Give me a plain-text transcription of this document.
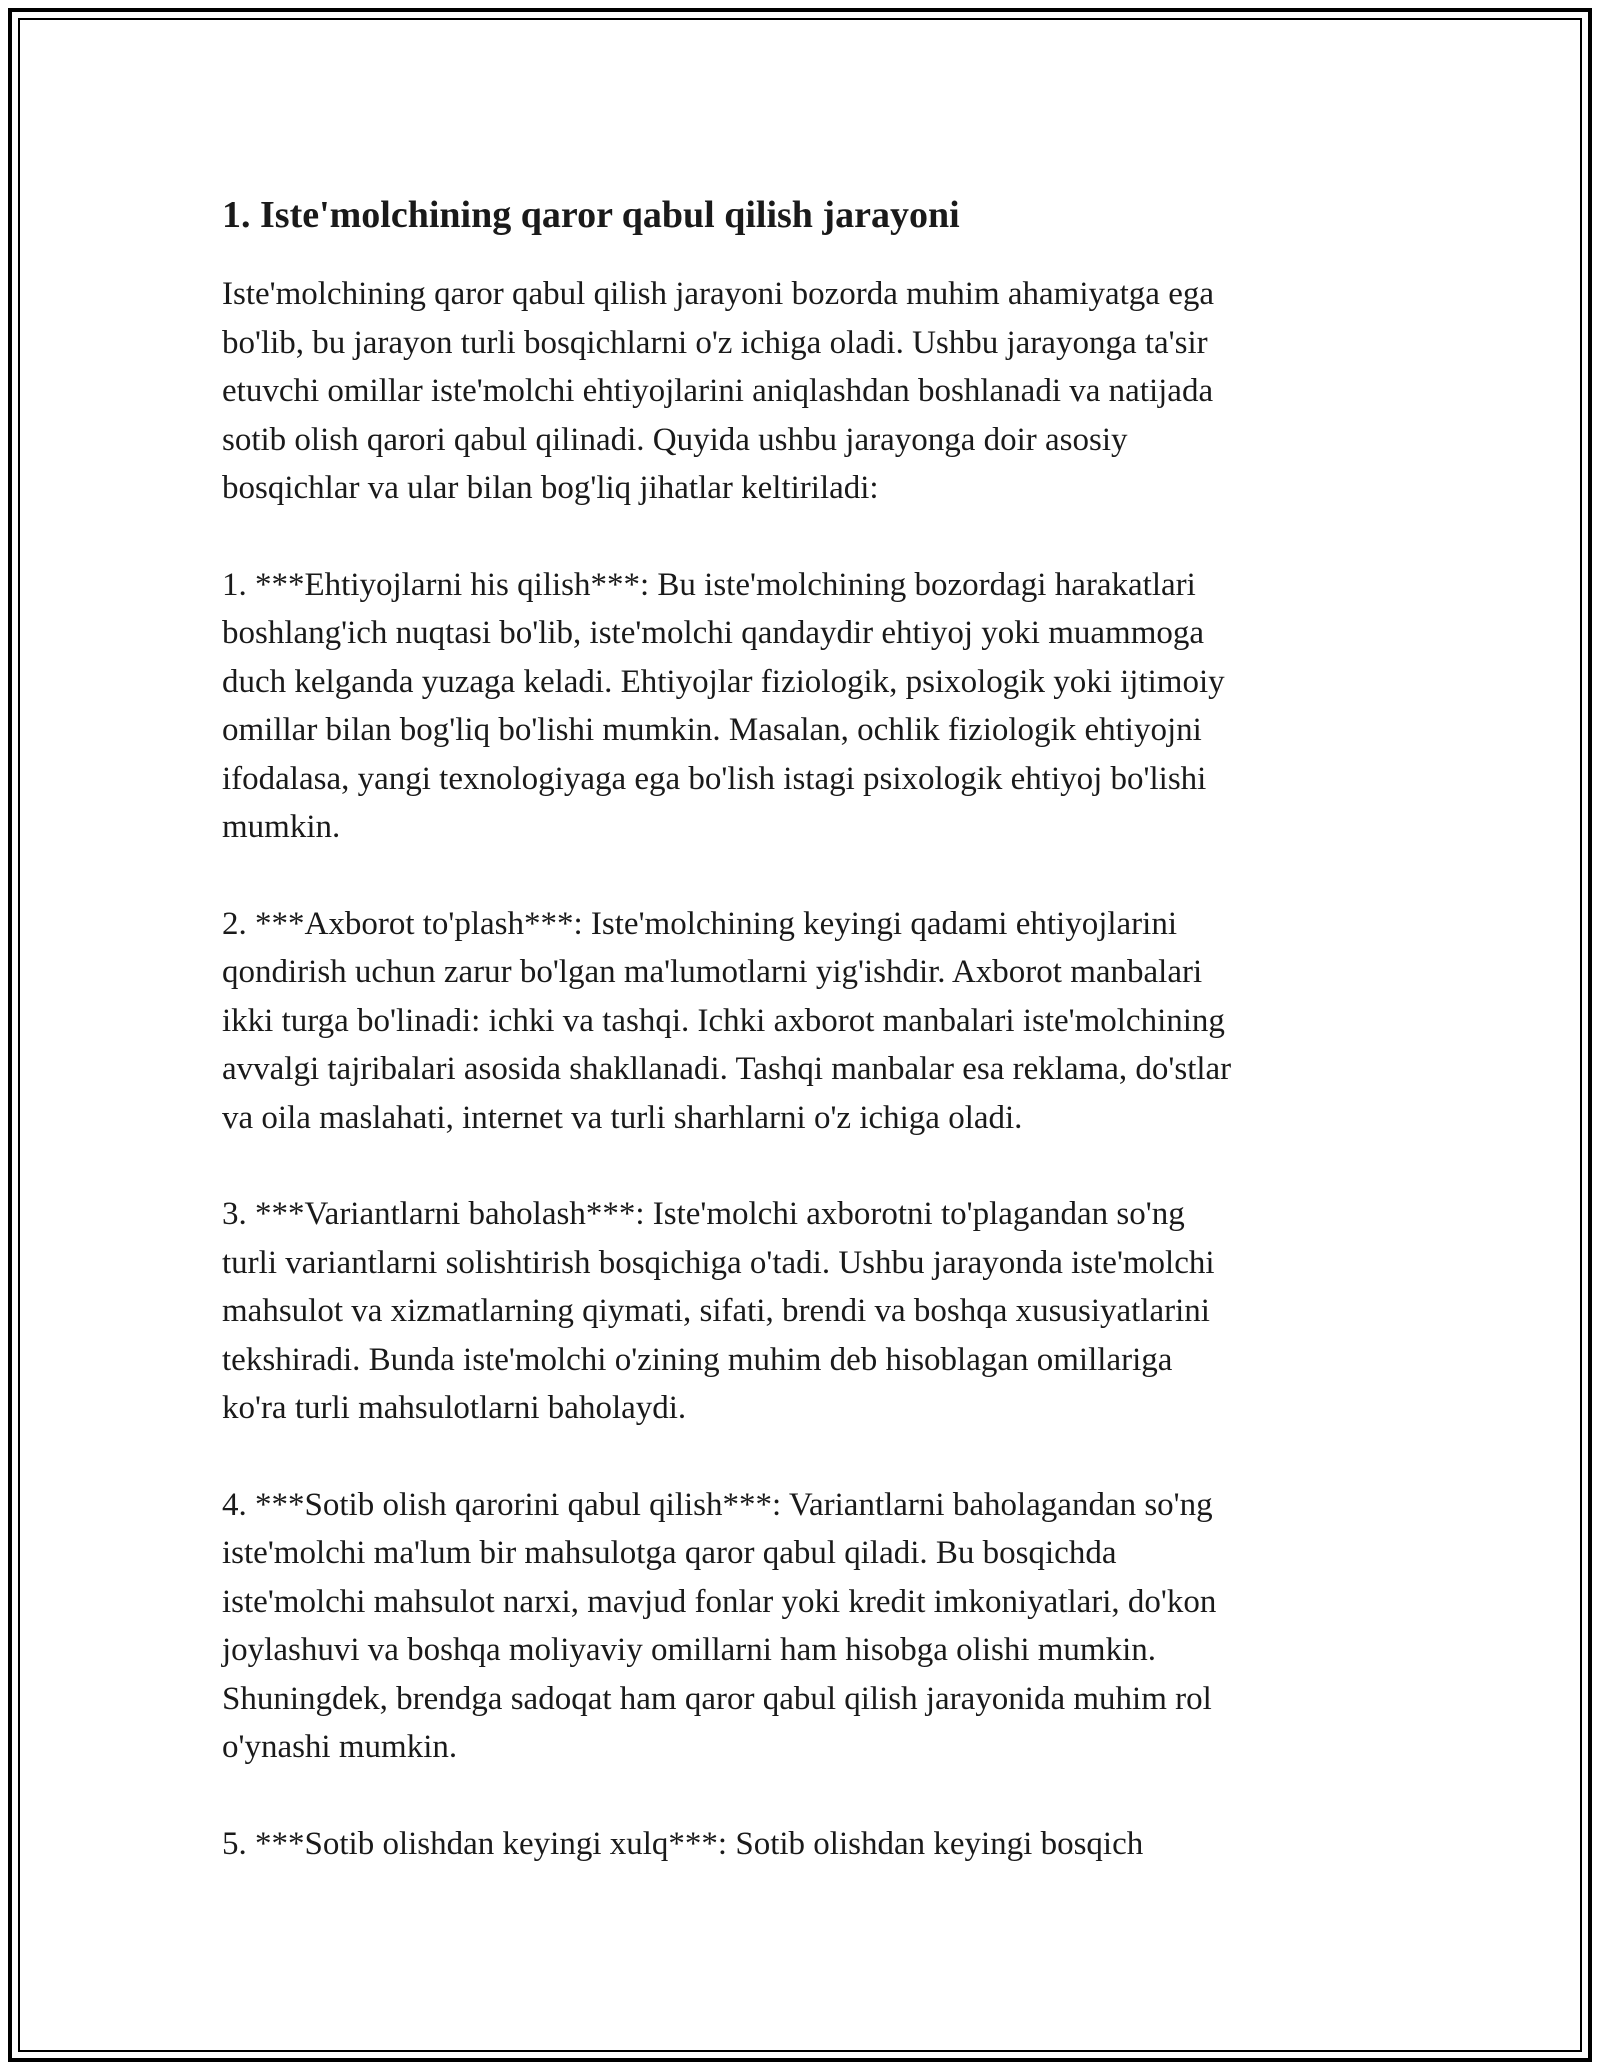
1. Iste'molchining qaror qabul qilish jarayoni

Iste'molchining qaror qabul qilish jarayoni bozorda muhim ahamiyatga ega
bo'lib, bu jarayon turli bosqichlarni o'z ichiga oladi. Ushbu jarayonga ta'sir
etuvchi omillar iste'molchi ehtiyojlarini aniqlashdan boshlanadi va natijada
sotib olish qarori qabul qilinadi. Quyida ushbu jarayonga doir asosiy
bosqichlar va ular bilan bog'liq jihatlar keltiriladi:

1. ***Ehtiyojlarni his qilish***: Bu iste'molchining bozordagi harakatlari
boshlang'ich nuqtasi bo'lib, iste'molchi qandaydir ehtiyoj yoki muammoga
duch kelganda yuzaga keladi. Ehtiyojlar fiziologik, psixologik yoki ijtimoiy
omillar bilan bog'liq bo'lishi mumkin. Masalan, ochlik fiziologik ehtiyojni
ifodalasa, yangi texnologiyaga ega bo'lish istagi psixologik ehtiyoj bo'lishi
mumkin.

2. ***Axborot to'plash***: Iste'molchining keyingi qadami ehtiyojlarini
qondirish uchun zarur bo'lgan ma'lumotlarni yig'ishdir. Axborot manbalari
ikki turga bo'linadi: ichki va tashqi. Ichki axborot manbalari iste'molchining
avvalgi tajribalari asosida shakllanadi. Tashqi manbalar esa reklama, do'stlar
va oila maslahati, internet va turli sharhlarni o'z ichiga oladi.

3. ***Variantlarni baholash***: Iste'molchi axborotni to'plagandan so'ng
turli variantlarni solishtirish bosqichiga o'tadi. Ushbu jarayonda iste'molchi
mahsulot va xizmatlarning qiymati, sifati, brendi va boshqa xususiyatlarini
tekshiradi. Bunda iste'molchi o'zining muhim deb hisoblagan omillariga
ko'ra turli mahsulotlarni baholaydi.

4. ***Sotib olish qarorini qabul qilish***: Variantlarni baholagandan so'ng
iste'molchi ma'lum bir mahsulotga qaror qabul qiladi. Bu bosqichda
iste'molchi mahsulot narxi, mavjud fonlar yoki kredit imkoniyatlari, do'kon
joylashuvi va boshqa moliyaviy omillarni ham hisobga olishi mumkin.
Shuningdek, brendga sadoqat ham qaror qabul qilish jarayonida muhim rol
o'ynashi mumkin.

5. ***Sotib olishdan keyingi xulq***: Sotib olishdan keyingi bosqich
